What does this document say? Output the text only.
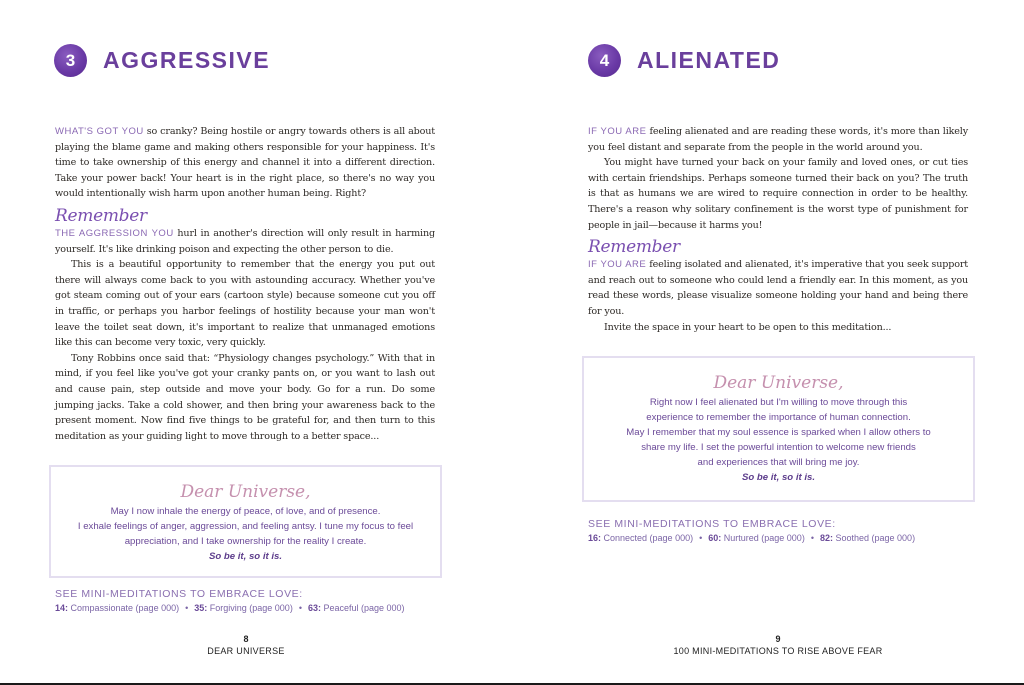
3	AGGRESSIVE

WHAT'S GOT YOU so cranky? Being hostile or angry towards others is all about playing the blame game and making others responsible for your happiness. It's time to take ownership of this energy and channel it into a different direction. Take your power back! Your heart is in the right place, so there's no way you would intentionally wish harm upon another human being. Right?

Remember

THE AGGRESSION YOU hurl in another's direction will only result in harming yourself. It's like drinking poison and expecting the other person to die.

This is a beautiful opportunity to remember that the energy you put out there will always come back to you with astounding accuracy. Whether you've got steam coming out of your ears (cartoon style) because someone cut you off in traffic, or perhaps you harbor feelings of hostility because your man won't leave the toilet seat down, it's important to realize that unmanaged emotions like this can become very toxic, very quickly.

Tony Robbins once said that: “Physiology changes psychology.” With that in mind, if you feel like you've got your cranky pants on, or you want to lash out and cause pain, step outside and move your body. Go for a run. Do some jumping jacks. Take a cold shower, and then bring your awareness back to the present moment. Now find five things to be grateful for, and then turn to this meditation as your guiding light to move through to a better space...

Dear Universe,
May I now inhale the energy of peace, of love, and of presence.
I exhale feelings of anger, aggression, and feeling antsy. I tune my focus to feel
appreciation, and I take ownership for the reality I create.
So be it, so it is.
SEE MINI-MEDITATIONS TO EMBRACE LOVE:
14: Compassionate (page 000) • 35: Forgiving (page 000) • 63: Peaceful (page 000)
8
DEAR UNIVERSE
4	ALIENATED

IF YOU ARE feeling alienated and are reading these words, it's more than likely you feel distant and separate from the people in the world around you.

You might have turned your back on your family and loved ones, or cut ties with certain friendships. Perhaps someone turned their back on you? The truth is that as humans we are wired to require connection in order to be healthy. There's a reason why solitary confinement is the worst type of punishment for people in jail—because it harms you!

Remember

IF YOU ARE feeling isolated and alienated, it's imperative that you seek support and reach out to someone who could lend a friendly ear. In this moment, as you read these words, please visualize someone holding your hand and being there for you.

Invite the space in your heart to be open to this meditation...

Dear Universe,
Right now I feel alienated but I'm willing to move through this
experience to remember the importance of human connection.
May I remember that my soul essence is sparked when I allow others to
share my life. I set the powerful intention to welcome new friends
and experiences that will bring me joy.
So be it, so it is.
SEE MINI-MEDITATIONS TO EMBRACE LOVE:
16: Connected (page 000) • 60: Nurtured (page 000) • 82: Soothed (page 000)
9
100 MINI-MEDITATIONS TO RISE ABOVE FEAR
